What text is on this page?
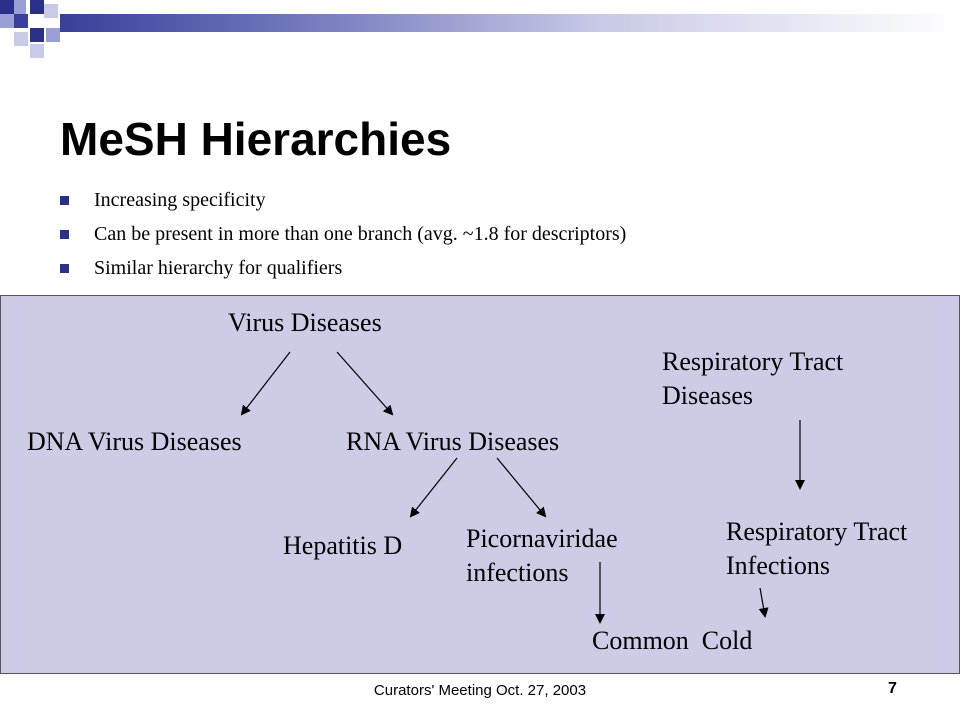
MeSH Hierarchies
Increasing specificity
Can be present in more than one branch (avg. ~1.8 for descriptors)
Similar hierarchy for qualifiers
Virus Diseases
DNA Virus Diseases	RNA Virus Diseases
Hepatitis D Picornaviridae
infections
Common  Cold
Respiratory Tract
Diseases
Respiratory Tract
Infections
Curators' Meeting Oct. 27, 2003	7
